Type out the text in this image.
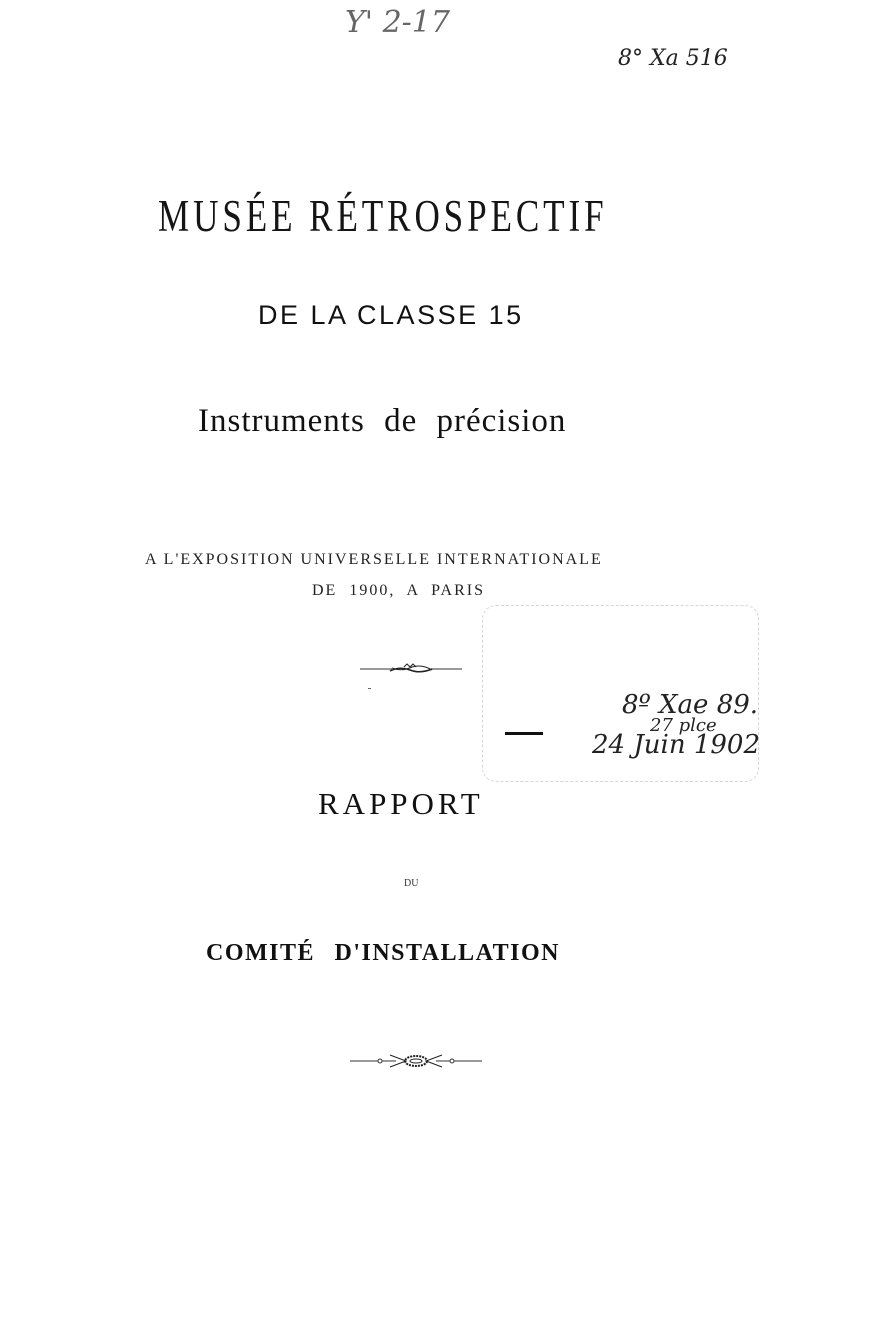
Y' 2-17
8° Xa 516
MUSÉE RÉTROSPECTIF
DE LA CLASSE 15
Instruments de précision
A L'EXPOSITION UNIVERSELLE INTERNATIONALE
DE 1900, A PARIS
8º Xae 89.
27 plce
24 Juin 1902
RAPPORT
DU
COMITÉ D'INSTALLATION
